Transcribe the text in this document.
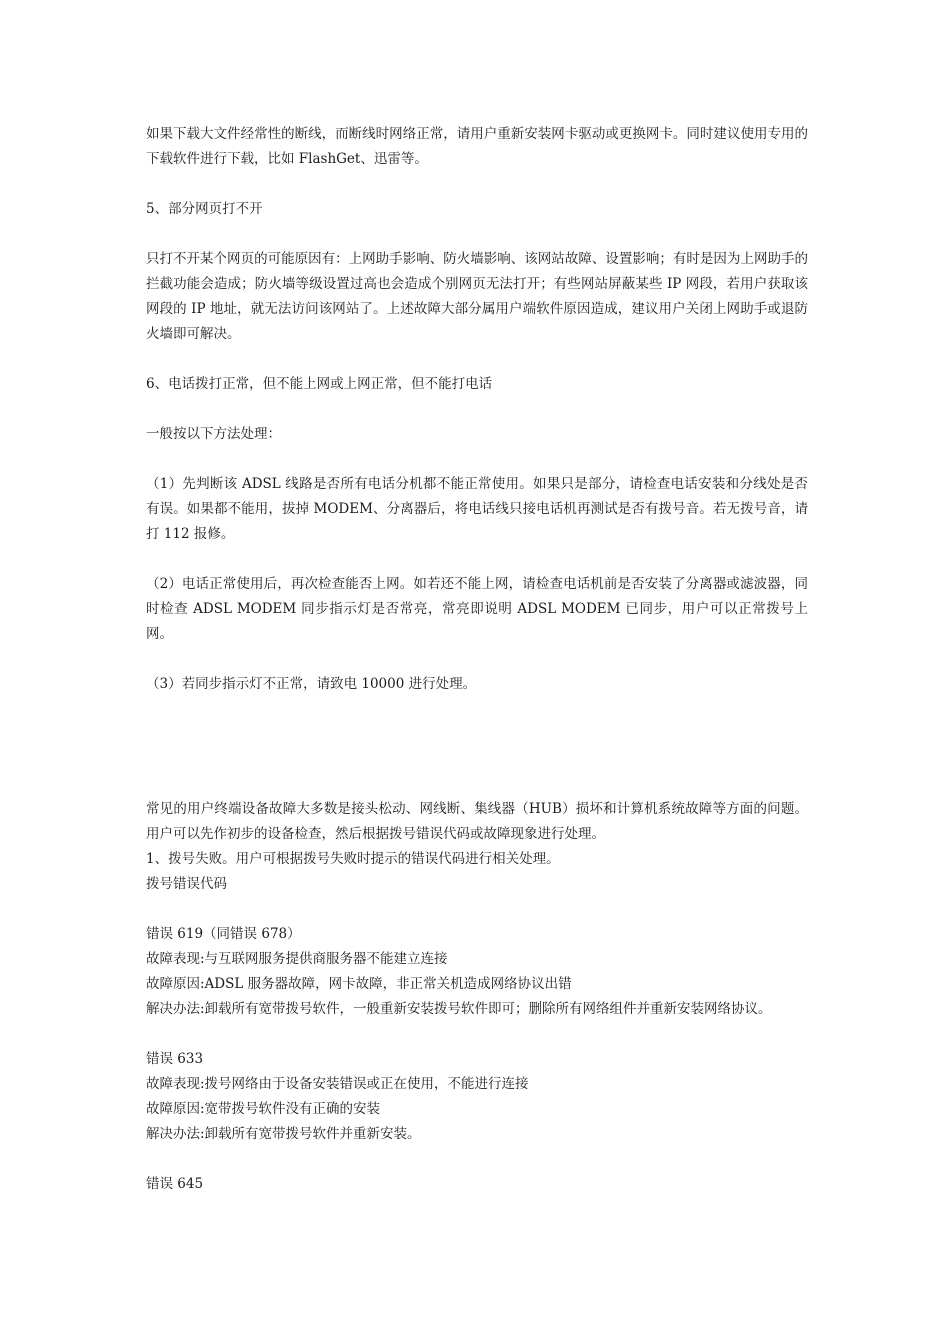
如果下载大文件经常性的断线，而断线时网络正常，请用户重新安装网卡驱动或更换网卡。同时建议使用专用的下载软件进行下载，比如 FlashGet、迅雷等。

5、部分网页打不开

只打不开某个网页的可能原因有：上网助手影响、防火墙影响、该网站故障、设置影响；有时是因为上网助手的拦截功能会造成；防火墙等级设置过高也会造成个别网页无法打开；有些网站屏蔽某些 IP 网段，若用户获取该网段的 IP 地址，就无法访问该网站了。上述故障大部分属用户端软件原因造成，建议用户关闭上网助手或退防火墙即可解决。

6、电话拨打正常，但不能上网或上网正常，但不能打电话

一般按以下方法处理：

（1）先判断该 ADSL 线路是否所有电话分机都不能正常使用。如果只是部分，请检查电话安装和分线处是否有误。如果都不能用，拔掉 MODEM、分离器后，将电话线只接电话机再测试是否有拨号音。若无拨号音，请打 112 报修。

（2）电话正常使用后，再次检查能否上网。如若还不能上网，请检查电话机前是否安装了分离器或滤波器，同时检查 ADSL MODEM 同步指示灯是否常亮，常亮即说明 ADSL MODEM 已同步，用户可以正常拨号上网。

（3）若同步指示灯不正常，请致电 10000 进行处理。

常见的用户终端设备故障大多数是接头松动、网线断、集线器（HUB）损坏和计算机系统故障等方面的问题。用户可以先作初步的设备检查，然后根据拨号错误代码或故障现象进行处理。

1、拨号失败。用户可根据拨号失败时提示的错误代码进行相关处理。

拨号错误代码

错误 619（同错误 678）

故障表现:与互联网服务提供商服务器不能建立连接

故障原因:ADSL 服务器故障，网卡故障，非正常关机造成网络协议出错

解决办法:卸载所有宽带拨号软件，一般重新安装拨号软件即可；删除所有网络组件并重新安装网络协议。

错误 633

故障表现:拨号网络由于设备安装错误或正在使用，不能进行连接

故障原因:宽带拨号软件没有正确的安装

解决办法:卸载所有宽带拨号软件并重新安装。

错误 645
